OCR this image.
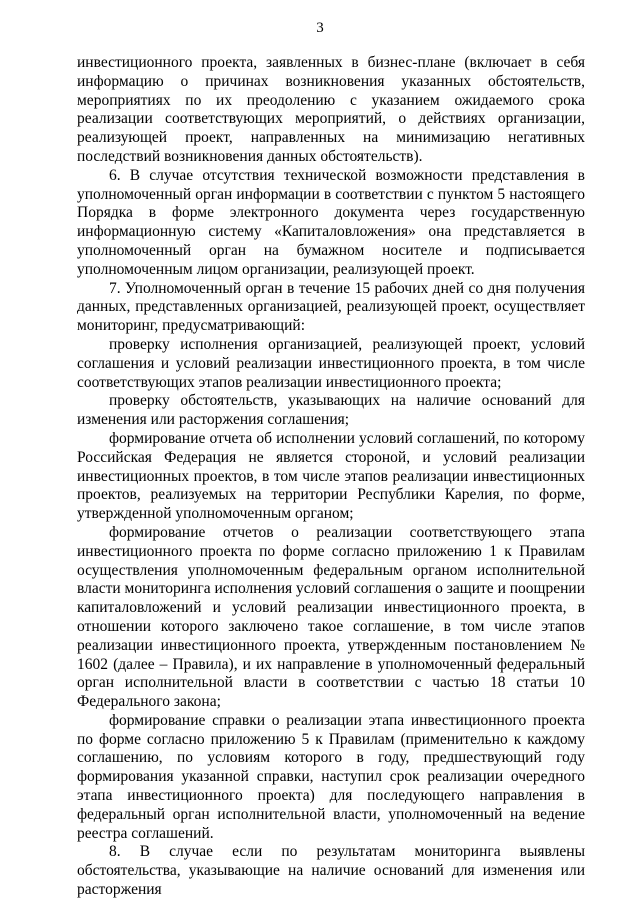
3

инвестиционного проекта, заявленных в бизнес-плане (включает в себя информацию о причинах возникновения указанных обстоятельств, мероприятиях по их преодолению с указанием ожидаемого срока реализации соответствующих мероприятий, о действиях организации, реализующей проект, направленных на минимизацию негативных последствий возникновения данных обстоятельств).

6. В случае отсутствия технической возможности представления в уполномоченный орган информации в соответствии с пунктом 5 настоящего Порядка в форме электронного документа через государственную информационную систему «Капиталовложения» она представляется в уполномоченный орган на бумажном носителе и подписывается уполномоченным лицом организации, реализующей проект.

7. Уполномоченный орган в течение 15 рабочих дней со дня получения данных, представленных организацией, реализующей проект, осуществляет мониторинг, предусматривающий:

проверку исполнения организацией, реализующей проект, условий соглашения и условий реализации инвестиционного проекта, в том числе соответствующих этапов реализации инвестиционного проекта;

проверку обстоятельств, указывающих на наличие оснований для изменения или расторжения соглашения;

формирование отчета об исполнении условий соглашений, по которому Российская Федерация не является стороной, и условий реализации инвестиционных проектов, в том числе этапов реализации инвестиционных проектов, реализуемых на территории Республики Карелия, по форме, утвержденной уполномоченным органом;

формирование отчетов о реализации соответствующего этапа инвестиционного проекта по форме согласно приложению 1 к Правилам осуществления уполномоченным федеральным органом исполнительной власти мониторинга исполнения условий соглашения о защите и поощрении капиталовложений и условий реализации инвестиционного проекта, в отношении которого заключено такое соглашение, в том числе этапов реализации инвестиционного проекта, утвержденным постановлением № 1602 (далее – Правила), и их направление в уполномоченный федеральный орган исполнительной власти в соответствии с частью 18 статьи 10 Федерального закона;

формирование справки о реализации этапа инвестиционного проекта по форме согласно приложению 5 к Правилам (применительно к каждому соглашению, по условиям которого в году, предшествующий году формирования указанной справки, наступил срок реализации очередного этапа инвестиционного проекта) для последующего направления в федеральный орган исполнительной власти, уполномоченный на ведение реестра соглашений.

8. В случае если по результатам мониторинга выявлены обстоятельства, указывающие на наличие оснований для изменения или расторжения
